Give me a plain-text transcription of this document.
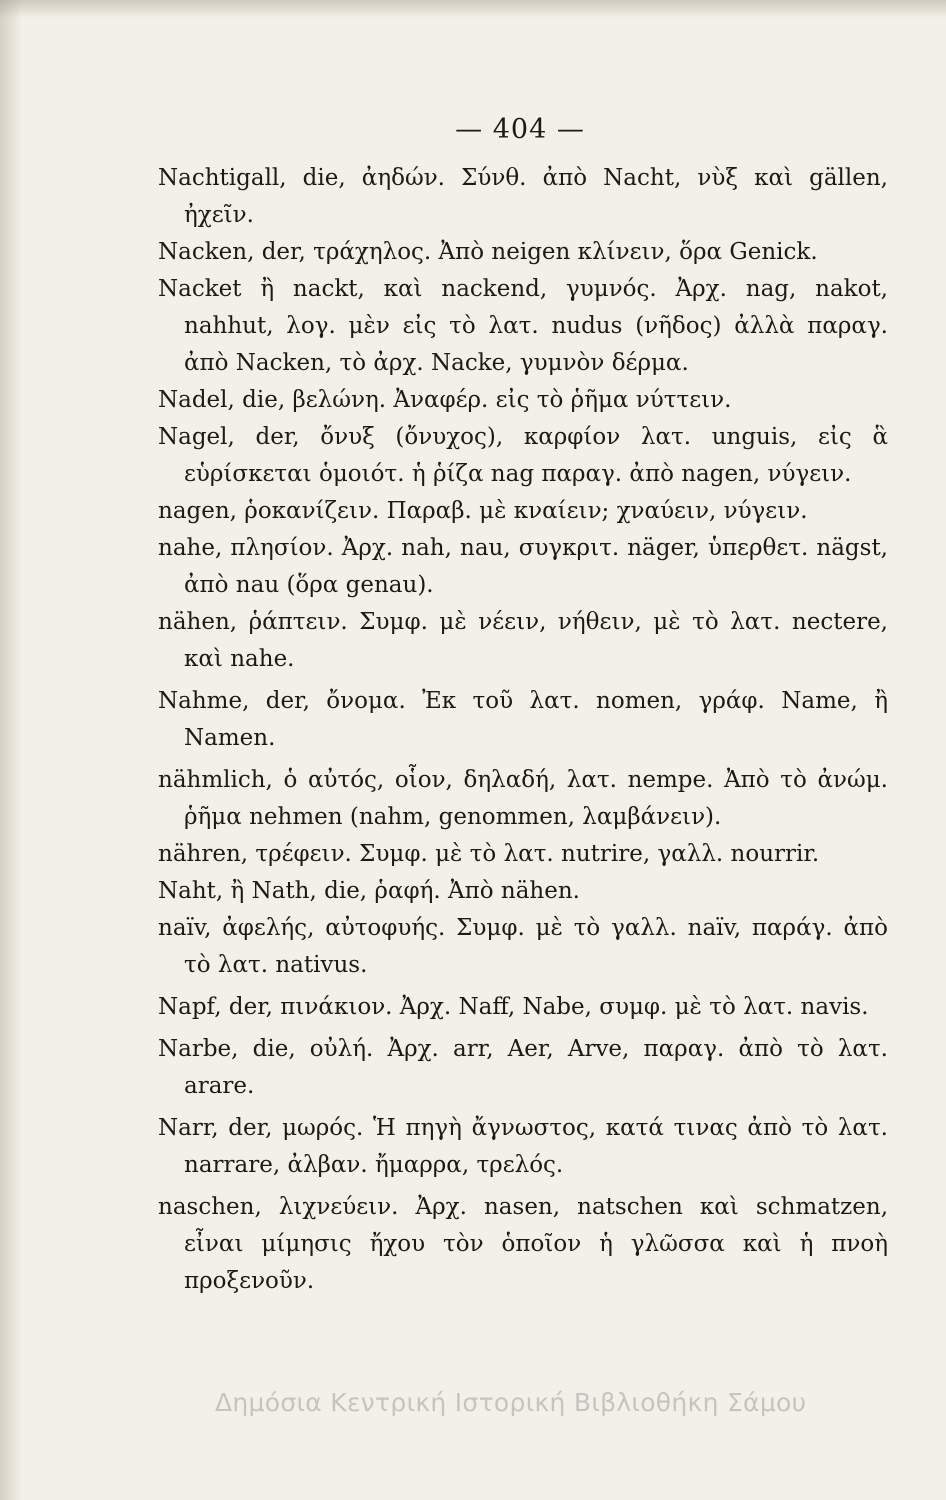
— 404 —

Nachtigall, die, ἀηδών. Σύνθ. ἀπὸ Nacht, νὺξ καὶ gällen, ἠχεῖν.

Nacken, der, τράχηλος. Ἀπὸ neigen κλίνειν, ὅρα Genick.

Nacket ἢ nackt, καὶ nackend, γυμνός. Ἀρχ. nag, nakot, nahhut, λογ. μὲν εἰς τὸ λατ. nudus (νῆδος) ἀλλὰ παραγ. ἀπὸ Nacken, τὸ ἀρχ. Nacke, γυμνὸν δέρμα.

Nadel, die, βελώνη. Ἀναφέρ. εἰς τὸ ῥῆμα νύττειν.

Nagel, der, ὄνυξ (ὄνυχος), καρφίον λατ. unguis, εἰς ἃ εὑρίσκεται ὁμοιότ. ἡ ῥίζα nag παραγ. ἀπὸ nagen, νύγειν.

nagen, ῥοκανίζειν. Παραβ. μὲ κναίειν; χναύειν, νύγειν.

nahe, πλησίον. Ἀρχ. nah, nau, συγκριτ. näger, ὑπερθετ. nägst, ἀπὸ nau (ὅρα genau).

nähen, ῥάπτειν. Συμφ. μὲ νέειν, νήθειν, μὲ τὸ λατ. nectere, καὶ nahe.

Nahme, der, ὄνομα. Ἐκ τοῦ λατ. nomen, γράφ. Name, ἢ Namen.

nähmlich, ὁ αὐτός, οἷον, δηλαδή, λατ. nempe. Ἀπὸ τὸ ἀνώμ. ῥῆμα nehmen (nahm, genommen, λαμβάνειν).

nähren, τρέφειν. Συμφ. μὲ τὸ λατ. nutrire, γαλλ. nourrir.

Naht, ἢ Nath, die, ῥαφή. Ἀπὸ nähen.

naïv, ἀφελής, αὐτοφυής. Συμφ. μὲ τὸ γαλλ. naïv, παράγ. ἀπὸ τὸ λατ. nativus.

Napf, der, πινάκιον. Ἀρχ. Naff, Nabe, συμφ. μὲ τὸ λατ. navis.

Narbe, die, οὐλή. Ἀρχ. arr, Aer, Arve, παραγ. ἀπὸ τὸ λατ. arare.

Narr, der, μωρός. Ἡ πηγὴ ἄγνωστος, κατά τινας ἀπὸ τὸ λατ. narrare, ἀλβαν. ἤμαρρα, τρελός.

naschen, λιχνεύειν. Ἀρχ. nasen, natschen καὶ schmatzen, εἶναι μίμησις ἤχου τὸν ὁποῖον ἡ γλῶσσα καὶ ἡ πνοὴ προξενοῦν.

Δημόσια Κεντρική Ιστορική Βιβλιοθήκη Σάμου
